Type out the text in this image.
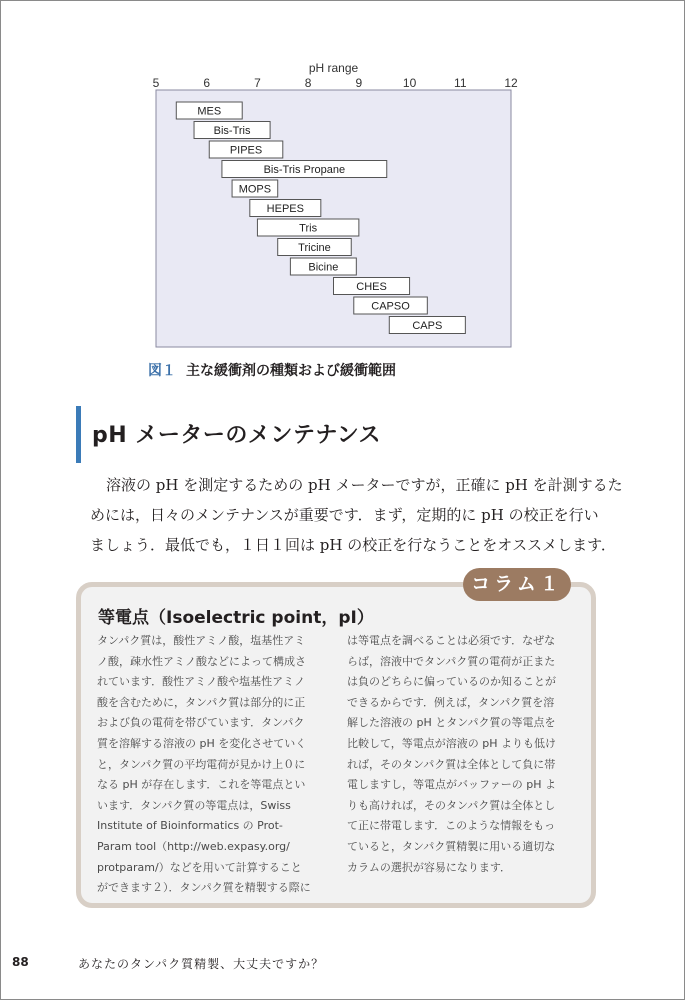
pH range
5	6	7	8	9	10	11	12
MES
Bis-Tris
PIPES
Bis-Tris Propane
MOPS
HEPES
Tris
Tricine
Bicine
CHES
CAPSO
CAPS
図１ 主な緩衝剤の種類および緩衝範囲
pH メーターのメンテナンス
溶液の pH を測定するための pH メーターですが，正確に pH を計測するた
めには，日々のメンテナンスが重要です．まず，定期的に pH の校正を行い
ましょう．最低でも，１日１回は pH の校正を行なうことをオススメします．
コラム１
等電点（Isoelectric point，pI）
タンパク質は，酸性アミノ酸，塩基性アミ
ノ酸，疎水性アミノ酸などによって構成さ
れています．酸性アミノ酸や塩基性アミノ
酸を含むために，タンパク質は部分的に正
および負の電荷を帯びています．タンパク
質を溶解する溶液の pH を変化させていく
と，タンパク質の平均電荷が見かけ上０に
なる pH が存在します．これを等電点とい
います．タンパク質の等電点は，Swiss
Institute of Bioinformatics の Prot-
Param tool（http://web.expasy.org/
protparam/）などを用いて計算すること
ができます２）．タンパク質を精製する際に
は等電点を調べることは必須です．なぜな
らば，溶液中でタンパク質の電荷が正また
は負のどちらに偏っているのか知ることが
できるからです．例えば，タンパク質を溶
解した溶液の pH とタンパク質の等電点を
比較して，等電点が溶液の pH よりも低け
れば，そのタンパク質は全体として負に帯
電しますし，等電点がバッファーの pH よ
りも高ければ，そのタンパク質は全体とし
て正に帯電します．このような情報をもっ
ていると，タンパク質精製に用いる適切な
カラムの選択が容易になります．
88	あなたのタンパク質精製、大丈夫ですか？
